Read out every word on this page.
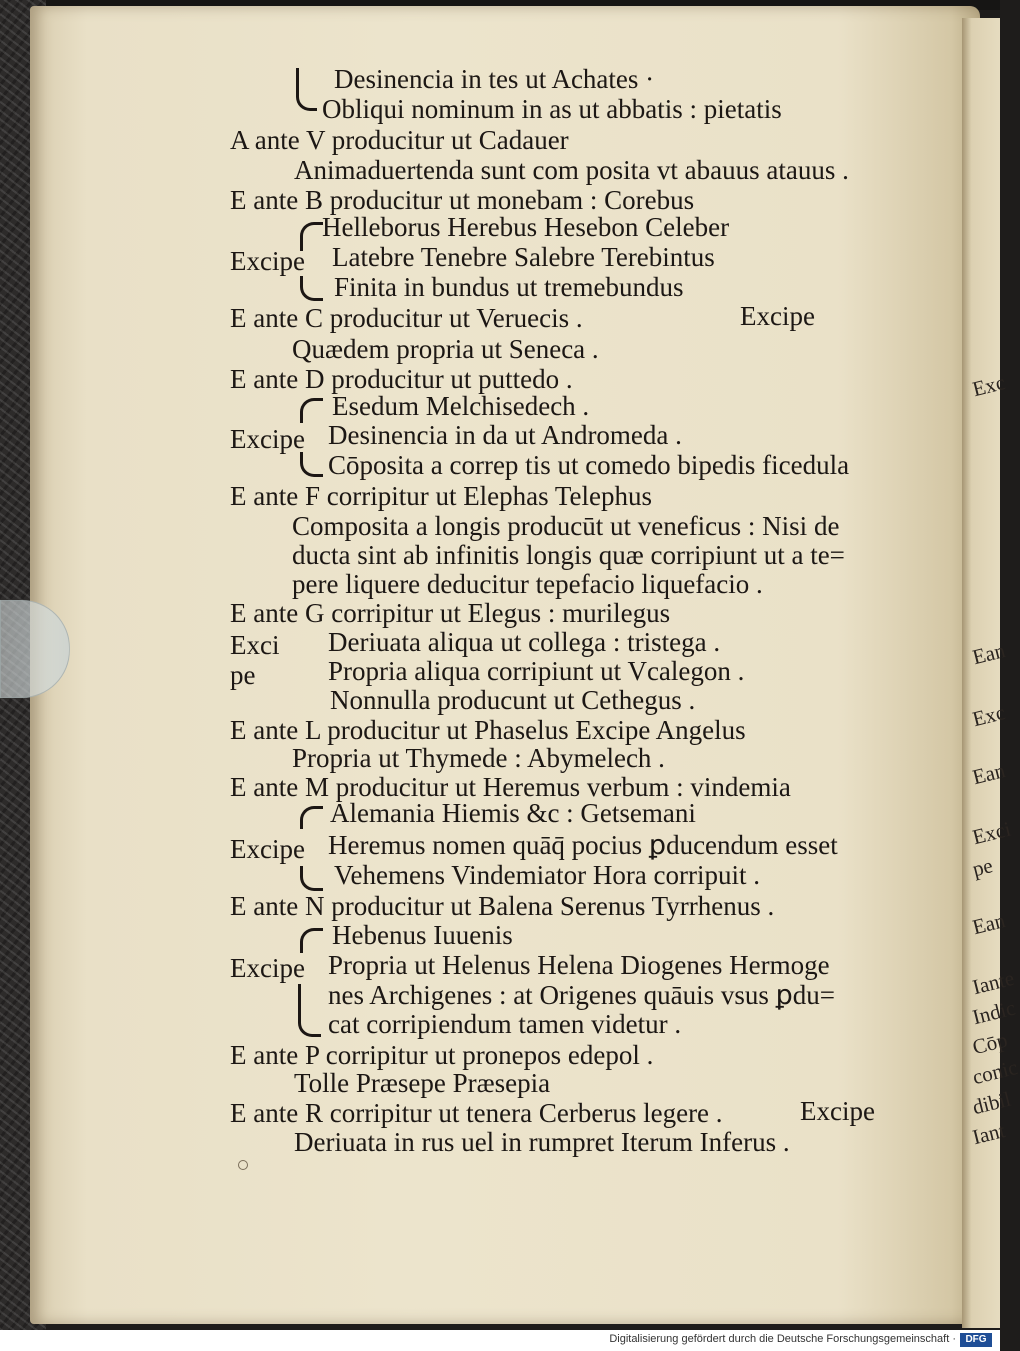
Exc
Ean
Exc
Ean
Exci
pe
Ean
Iante
Indic
Cōp
conic
dibil
Iant
Desinencia in tes ut Achates ·
Obliqui nominum in as ut abbatis : pietatis
A ante V producitur ut Cadauer
Animaduertenda sunt com posita vt abauus atauus .
E ante B producitur ut monebam : Corebus
Helleborus Herebus Hesebon Celeber
Excipe Latebre Tenebre Salebre Terebintus
Finita in bundus ut tremebundus
E ante C producitur ut Veruecis .	Excipe
Quædem propria ut Seneca .
E ante D producitur ut puttedo .
Esedum Melchisedech .
Excipe Desinencia in da ut Andromeda .
Cōposita a correp tis ut comedo bipedis ficedula
E ante F corripitur ut Elephas Telephus
Composita a longis producūt ut veneficus : Nisi de
ducta sint ab infinitis longis quæ corripiunt ut a te=
pere liquere deducitur tepefacio liquefacio .
E ante G corripitur ut Elegus : murilegus
Exci Deriuata aliqua ut collega : tristega .
pe	Propria aliqua corripiunt ut Vcalegon .
Nonnulla producunt ut Cethegus .
E ante L producitur ut Phaselus Excipe Angelus
Propria ut Thymede : Abymelech .
E ante M producitur ut Heremus verbum : vindemia
Alemania Hiemis &c : Getsemani
Excipe Heremus nomen quāq̄ pocius ꝑducendum esset
Vehemens Vindemiator Hora corripuit .
E ante N producitur ut Balena Serenus Tyrrhenus .
Hebenus Iuuenis
Excipe Propria ut Helenus Helena Diogenes Hermoge
nes Archigenes : at Origenes quāuis vsus ꝑdu=
cat corripiendum tamen videtur .
E ante P corripitur ut pronepos edepol .
Tolle Præsepe Præsepia
E ante R corripitur ut tenera Cerberus legere .	Excipe
Deriuata in rus uel in rumpret Iterum Inferus .
Digitalisierung gefördert durch die Deutsche Forschungsgemeinschaft · DFG
